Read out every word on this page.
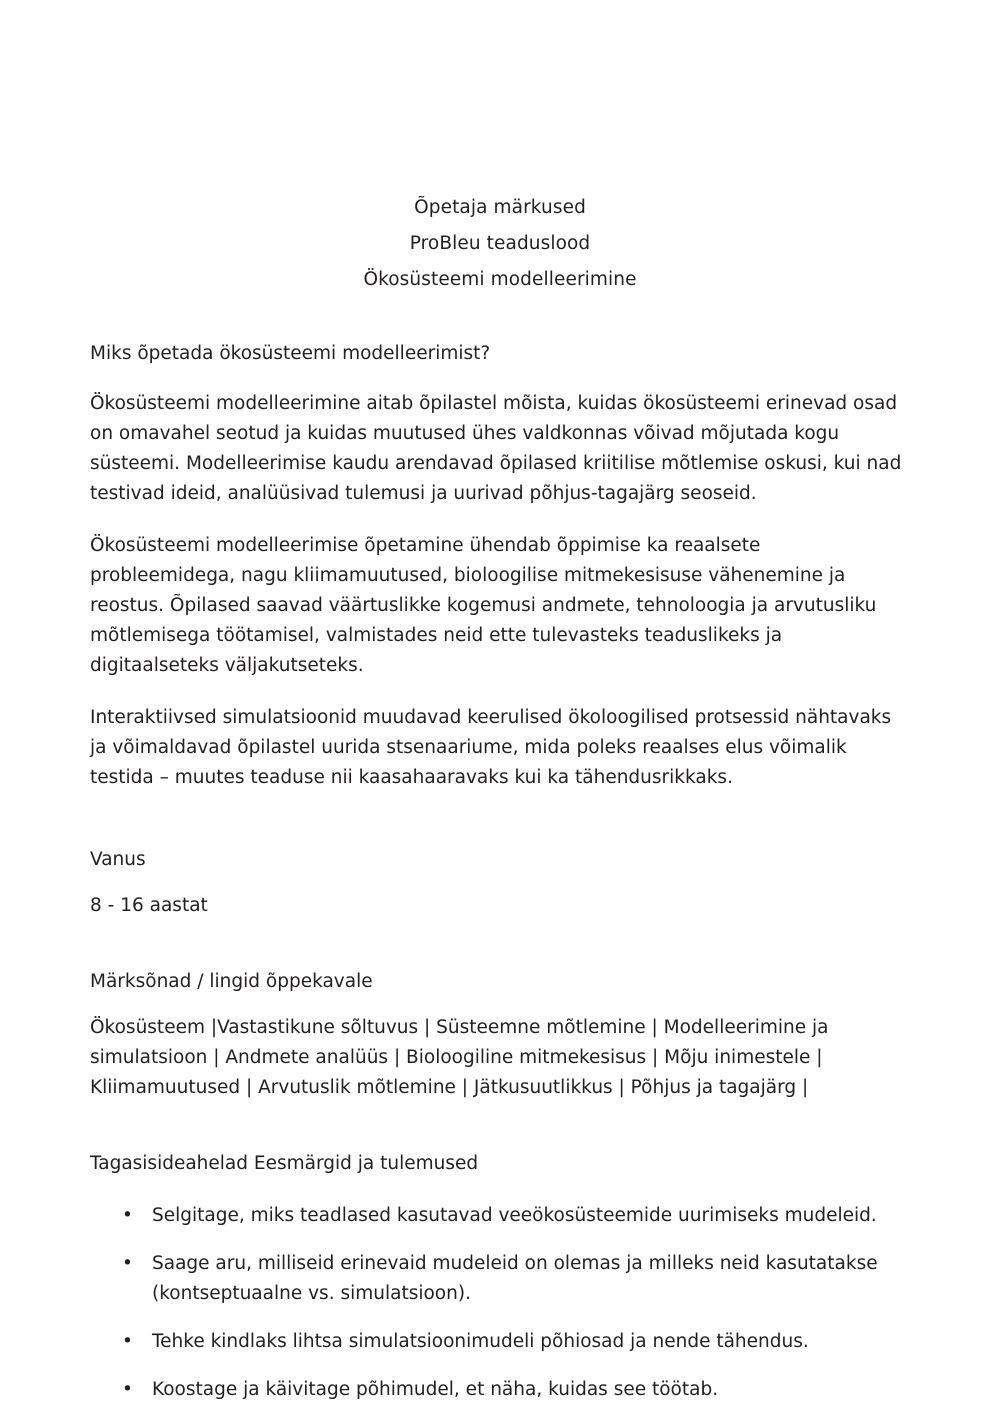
Õpetaja märkused
ProBleu teaduslood
Ökosüsteemi modelleerimine
Miks õpetada ökosüsteemi modelleerimist?

Ökosüsteemi modelleerimine aitab õpilastel mõista, kuidas ökosüsteemi erinevad osad on omavahel seotud ja kuidas muutused ühes valdkonnas võivad mõjutada kogu süsteemi. Modelleerimise kaudu arendavad õpilased kriitilise mõtlemise oskusi, kui nad testivad ideid, analüüsivad tulemusi ja uurivad põhjus-tagajärg seoseid.

Ökosüsteemi modelleerimise õpetamine ühendab õppimise ka reaalsete probleemidega, nagu kliimamuutused, bioloogilise mitmekesisuse vähenemine ja reostus. Õpilased saavad väärtuslikke kogemusi andmete, tehnoloogia ja arvutusliku mõtlemisega töötamisel, valmistades neid ette tulevasteks teaduslikeks ja digitaalseteks väljakutseteks.

Interaktiivsed simulatsioonid muudavad keerulised ökoloogilised protsessid nähtavaks ja võimaldavad õpilastel uurida stsenaariume, mida poleks reaalses elus võimalik testida – muutes teaduse nii kaasahaaravaks kui ka tähendusrikkaks.

Vanus
8 - 16 aastat
Märksõnad / lingid õppekavale

Ökosüsteem |Vastastikune sõltuvus | Süsteemne mõtlemine | Modelleerimine ja simulatsioon | Andmete analüüs | Bioloogiline mitmekesisus | Mõju inimestele | Kliimamuutused | Arvutuslik mõtlemine | Jätkusuutlikkus | Põhjus ja tagajärg |

Tagasisideahelad Eesmärgid ja tulemused
• Selgitage, miks teadlased kasutavad veeökosüsteemide uurimiseks mudeleid.
• Saage aru, milliseid erinevaid mudeleid on olemas ja milleks neid kasutatakse (kontseptuaalne vs. simulatsioon).
• Tehke kindlaks lihtsa simulatsioonimudeli põhiosad ja nende tähendus.
• Koostage ja käivitage põhimudel, et näha, kuidas see töötab.
